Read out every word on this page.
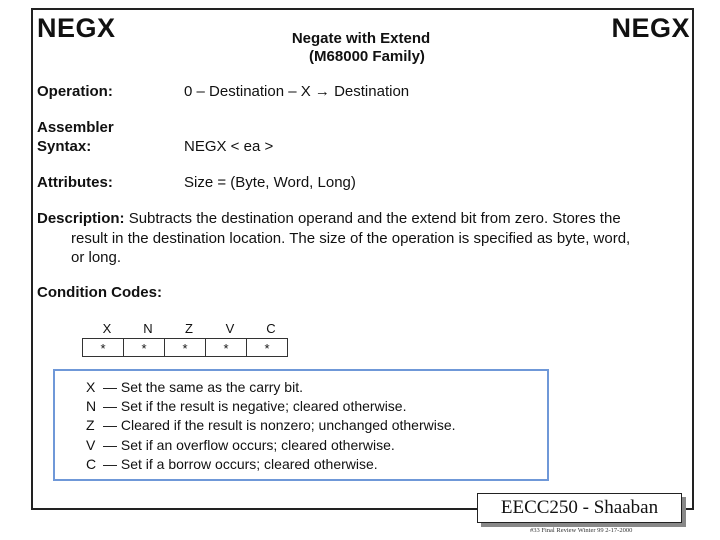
NEGX	NEGX
Negate with Extend
(M68000 Family)
Operation:	0 – Destination – X → Destination
Assembler
Syntax:	NEGX < ea >
Attributes:	Size = (Byte, Word, Long)
Description: Subtracts the destination operand and the extend bit from zero. Stores the
result in the destination location. The size of the operation is specified as byte, word,
or long.
Condition Codes:
X	N	Z	V	C
*	*	*	*	*
X — Set the same as the carry bit.
N — Set if the result is negative; cleared otherwise.
Z — Cleared if the result is nonzero; unchanged otherwise.
V — Set if an overflow occurs; cleared otherwise.
C — Set if a borrow occurs; cleared otherwise.
EECC250 - Shaaban
#33 Final Review Winter 99 2-17-2000
